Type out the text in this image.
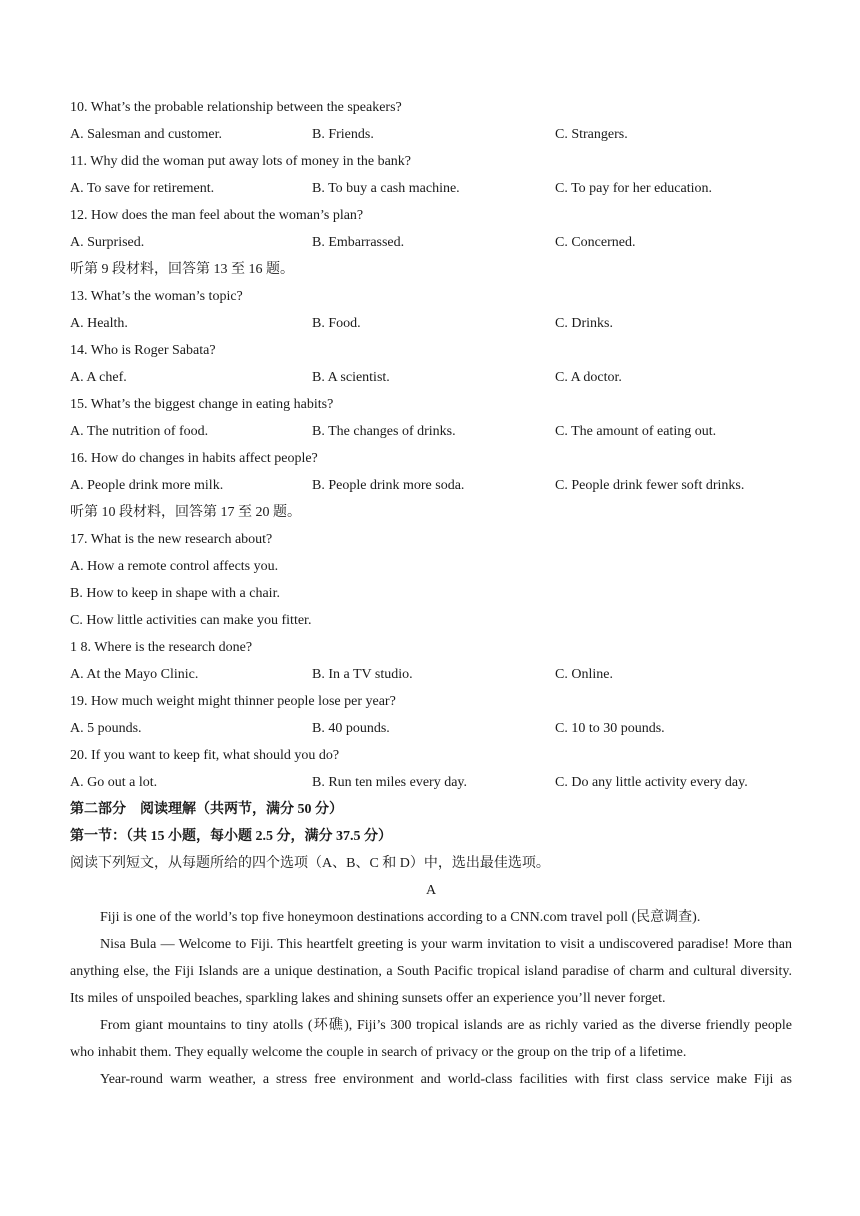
10. What’s the probable relationship between the speakers?
A. Salesman and customer.	B. Friends.	C. Strangers.
11. Why did the woman put away lots of money in the bank?
A. To save for retirement.	B. To buy a cash machine.	C. To pay for her education.
12. How does the man feel about the woman’s plan?
A. Surprised.	B. Embarrassed.	C. Concerned.
听第 9 段材料，回答第 13 至 16 题。
13. What’s the woman’s topic?
A. Health.	B. Food.	C. Drinks.
14. Who is Roger Sabata?
A. A chef.	B. A scientist.	C. A doctor.
15. What’s the biggest change in eating habits?
A. The nutrition of food.	B. The changes of drinks.	C. The amount of eating out.
16. How do changes in habits affect people?
A. People drink more milk.	B. People drink more soda.	C. People drink fewer soft drinks.
听第 10 段材料，回答第 17 至 20 题。
17. What is the new research about?
A. How a remote control affects you.
B. How to keep in shape with a chair.
C. How little activities can make you fitter.
1 8. Where is the research done?
A. At the Mayo Clinic.	B. In a TV studio.	C. Online.
19. How much weight might thinner people lose per year?
A. 5 pounds.	B. 40 pounds.	C. 10 to 30 pounds.
20. If you want to keep fit, what should you do?
A. Go out a lot.	B. Run ten miles every day.	C. Do any little activity every day.
第二部分　阅读理解（共两节，满分 50 分）
第一节：（共 15 小题，每小题 2.5 分，满分 37.5 分）
阅读下列短文，从每题所给的四个选项（A、B、C 和 D）中，选出最佳选项。
A

Fiji is one of the world’s top five honeymoon destinations according to a CNN.com travel poll (民意调查).

Nisa Bula — Welcome to Fiji. This heartfelt greeting is your warm invitation to visit a undiscovered paradise! More than anything else, the Fiji Islands are a unique destination, a South Pacific tropical island paradise of charm and cultural diversity. Its miles of unspoiled beaches, sparkling lakes and shining sunsets offer an experience you’ll never forget.

From giant mountains to tiny atolls (环礁), Fiji’s 300 tropical islands are as richly varied as the diverse friendly people who inhabit them. They equally welcome the couple in search of privacy or the group on the trip of a lifetime.

Year-round warm weather, a stress free environment and world-class facilities with first class service make Fiji as
